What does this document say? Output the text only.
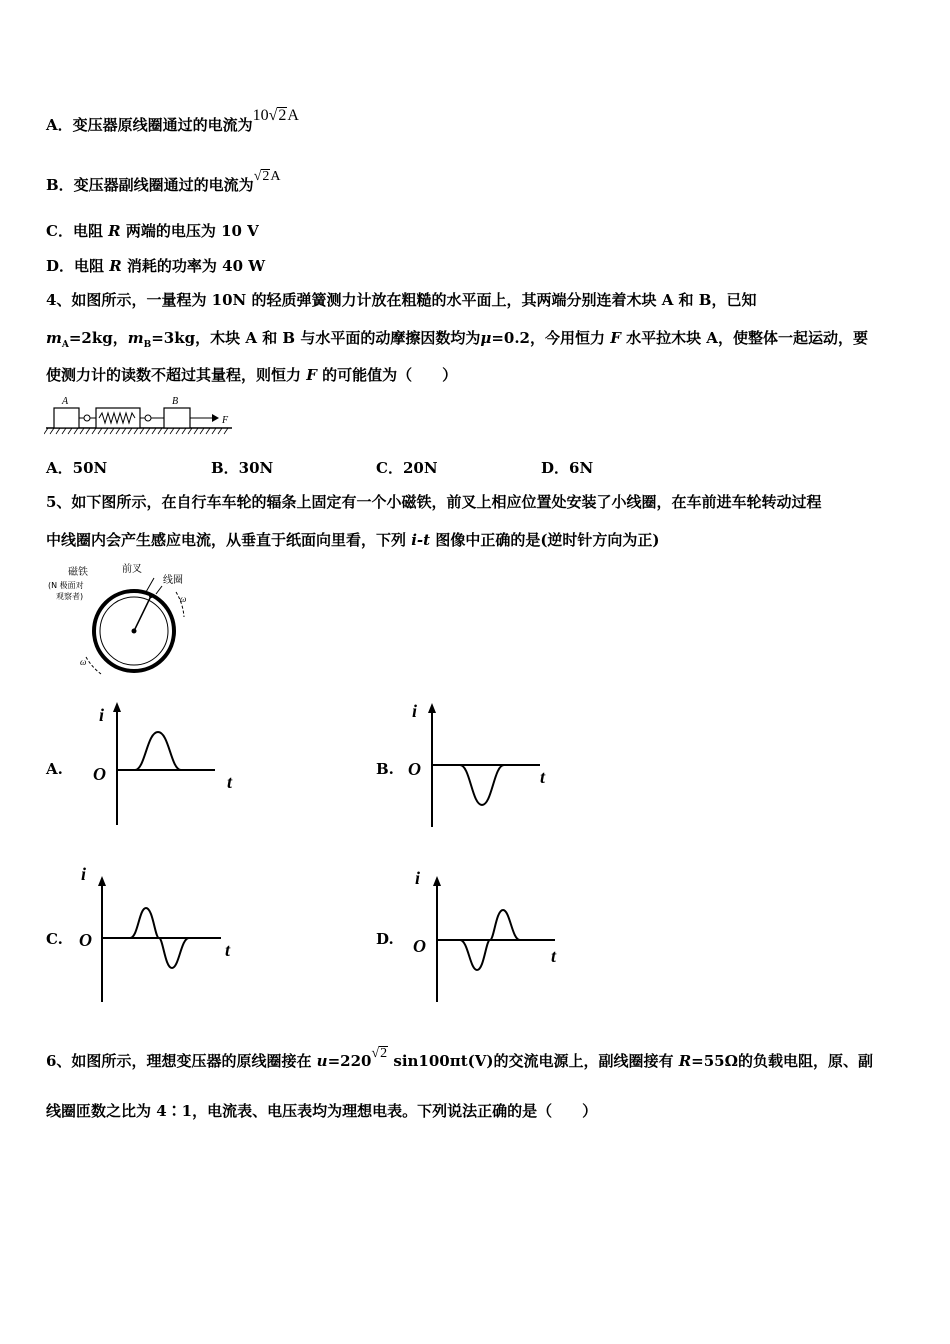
A．变压器原线圈通过的电流为10√2A
B．变压器副线圈通过的电流为√2A
C．电阻 R 两端的电压为 10 V
D．电阻 R 消耗的功率为 40 W
4、如图所示，一量程为 10N 的轻质弹簧测力计放在粗糙的水平面上，其两端分别连着木块 A 和 B，已知
$m_A=2kg$，$m_B=3kg$，木块 A 和 B 与水平面的动摩擦因数均为μ=0.2，今用恒力 F 水平拉木块 A，使整体一起运动，要
使测力计的读数不超过其量程，则恒力 F 的可能值为（　　）
A	B
F
A．50N	B．30N	C．20N	D．6N
5、如下图所示，在自行车车轮的辐条上固定有一个小磁铁，前叉上相应位置处安装了小线圈，在车前进车轮转动过程
中线圈内会产生感应电流，从垂直于纸面向里看，下列 i-t 图像中正确的是(逆时针方向为正)
磁铁
(N 极面对
观察者)
前叉
线圈
ω
ω
A.
i
O	t
B.
i
O	t
C.
i
O	t
D.
i
O	t
6、如图所示，理想变压器的原线圈接在 u=220√2 sin100πt(V)的交流电源上，副线圈接有 R=55Ω的负载电阻，原、副
线圈匝数之比为 4∶1，电流表、电压表均为理想电表。下列说法正确的是（　　）
